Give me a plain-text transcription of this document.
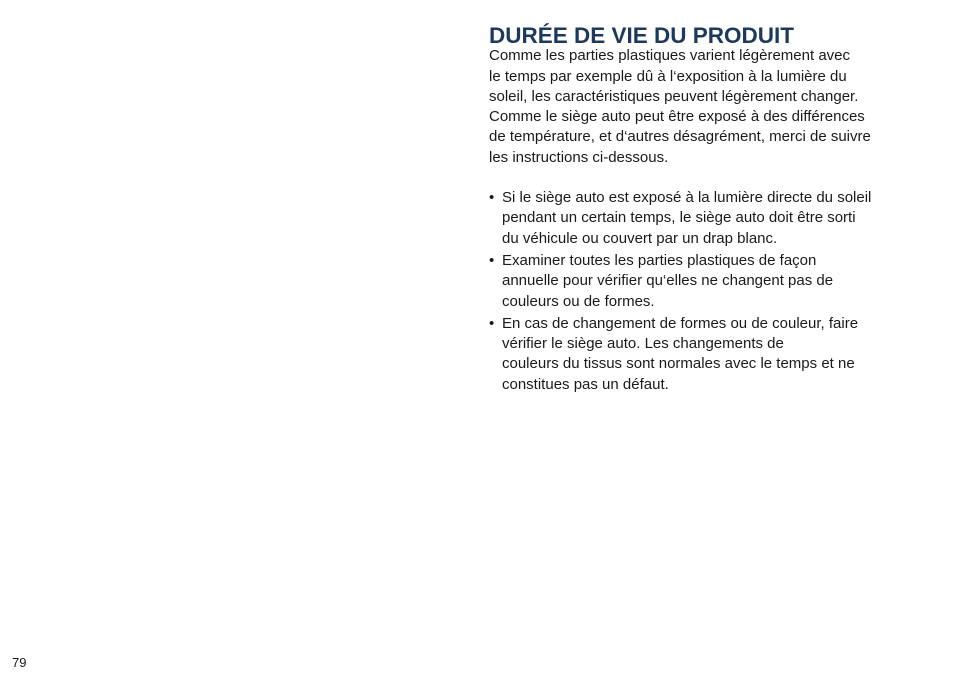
DURÉE DE VIE DU PRODUIT

Comme les parties plastiques varient légèrement avec
le temps par exemple dû à l‘exposition à la lumière du
soleil, les caractéristiques peuvent légèrement changer.
Comme le siège auto peut être exposé à des différences
de température, et d‘autres désagrément, merci de suivre
les instructions ci-dessous.

• Si le siège auto est exposé à la lumière directe du soleil
pendant un certain temps, le siège auto doit être sorti
du véhicule ou couvert par un drap blanc.
• Examiner toutes les parties plastiques de façon
annuelle pour vérifier qu‘elles ne changent pas de
couleurs ou de formes.
• En cas de changement de formes ou de couleur, faire
vérifier le siège auto. Les changements de
couleurs du tissus sont normales avec le temps et ne
constitues pas un défaut.
79
